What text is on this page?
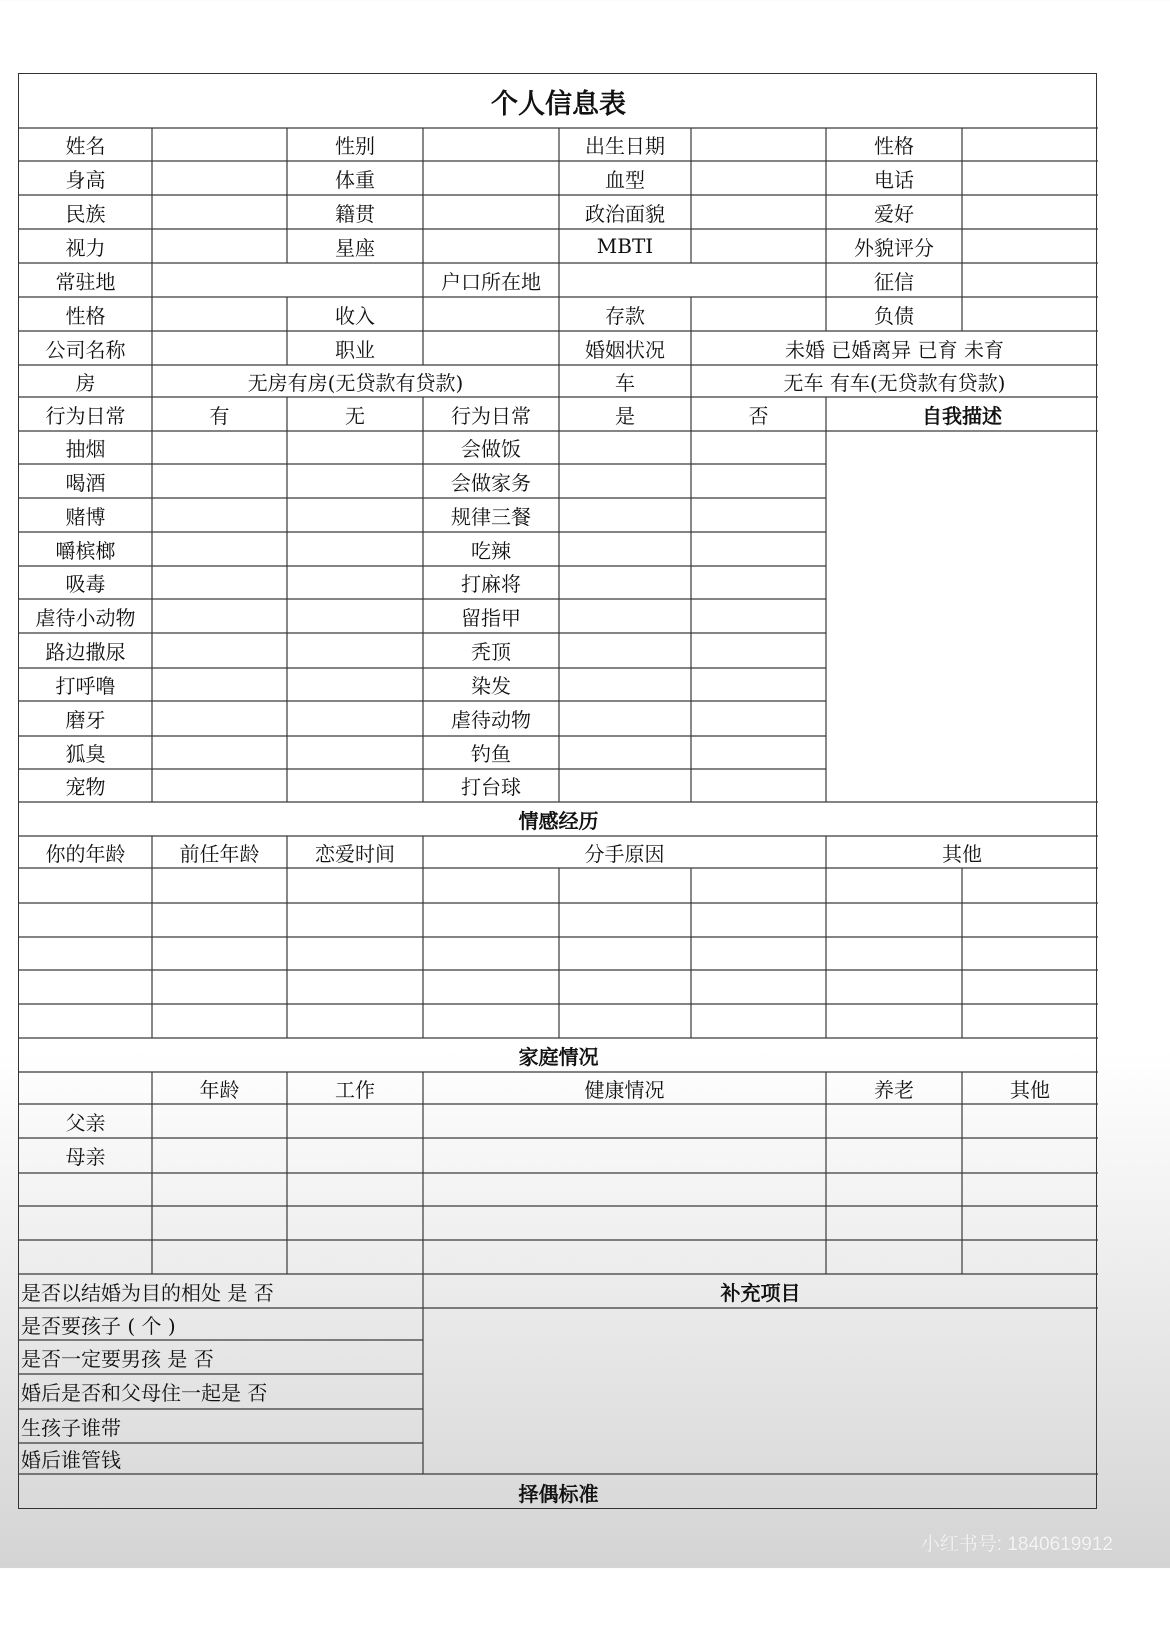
个人信息表
姓名	性别	出生日期	性格
身高	体重	血型	电话
民族	籍贯	政治面貌	爱好
视力	星座	MBTI	外貌评分
常驻地	户口所在地	征信
性格	收入	存款	负债
公司名称	职业	婚姻状况	未婚 已婚离异 已育 未育
房	无房有房(无贷款有贷款)	车	无车 有车(无贷款有贷款)
行为日常	有	无	行为日常	是	否	自我描述
抽烟	会做饭
喝酒	会做家务
赌博	规律三餐
嚼槟榔	吃辣
吸毒	打麻将
虐待小动物	留指甲
路边撒尿	秃顶
打呼噜	染发
磨牙	虐待动物
狐臭	钓鱼
宠物	打台球
情感经历
你的年龄	前任年龄	恋爱时间	分手原因	其他
家庭情况
年龄	工作	健康情况	养老	其他
父亲
母亲
是否以结婚为目的相处 是 否
是否要孩子 ( 个 )
是否一定要男孩 是 否
婚后是否和父母住一起是 否
生孩子谁带
婚后谁管钱
补充项目
择偶标准
小红书号: 1840619912
